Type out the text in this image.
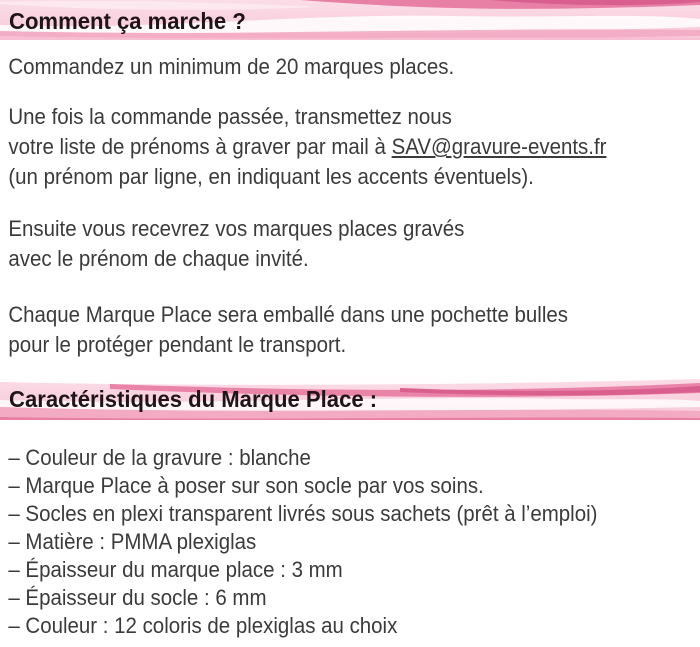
Comment ça marche ?

Commandez un minimum de 20 marques places.

Une fois la commande passée, transmettez nous
votre liste de prénoms à graver par mail à SAV@gravure-events.fr
(un prénom par ligne, en indiquant les accents éventuels).

Ensuite vous recevrez vos marques places gravés
avec le prénom de chaque invité.

Chaque Marque Place sera emballé dans une pochette bulles
pour le protéger pendant le transport.

Caractéristiques du Marque Place :
– Couleur de la gravure : blanche
– Marque Place à poser sur son socle par vos soins.
– Socles en plexi transparent livrés sous sachets (prêt à l’emploi)
– Matière : PMMA plexiglas
– Épaisseur du marque place : 3 mm
– Épaisseur du socle : 6 mm
– Couleur : 12 coloris de plexiglas au choix
